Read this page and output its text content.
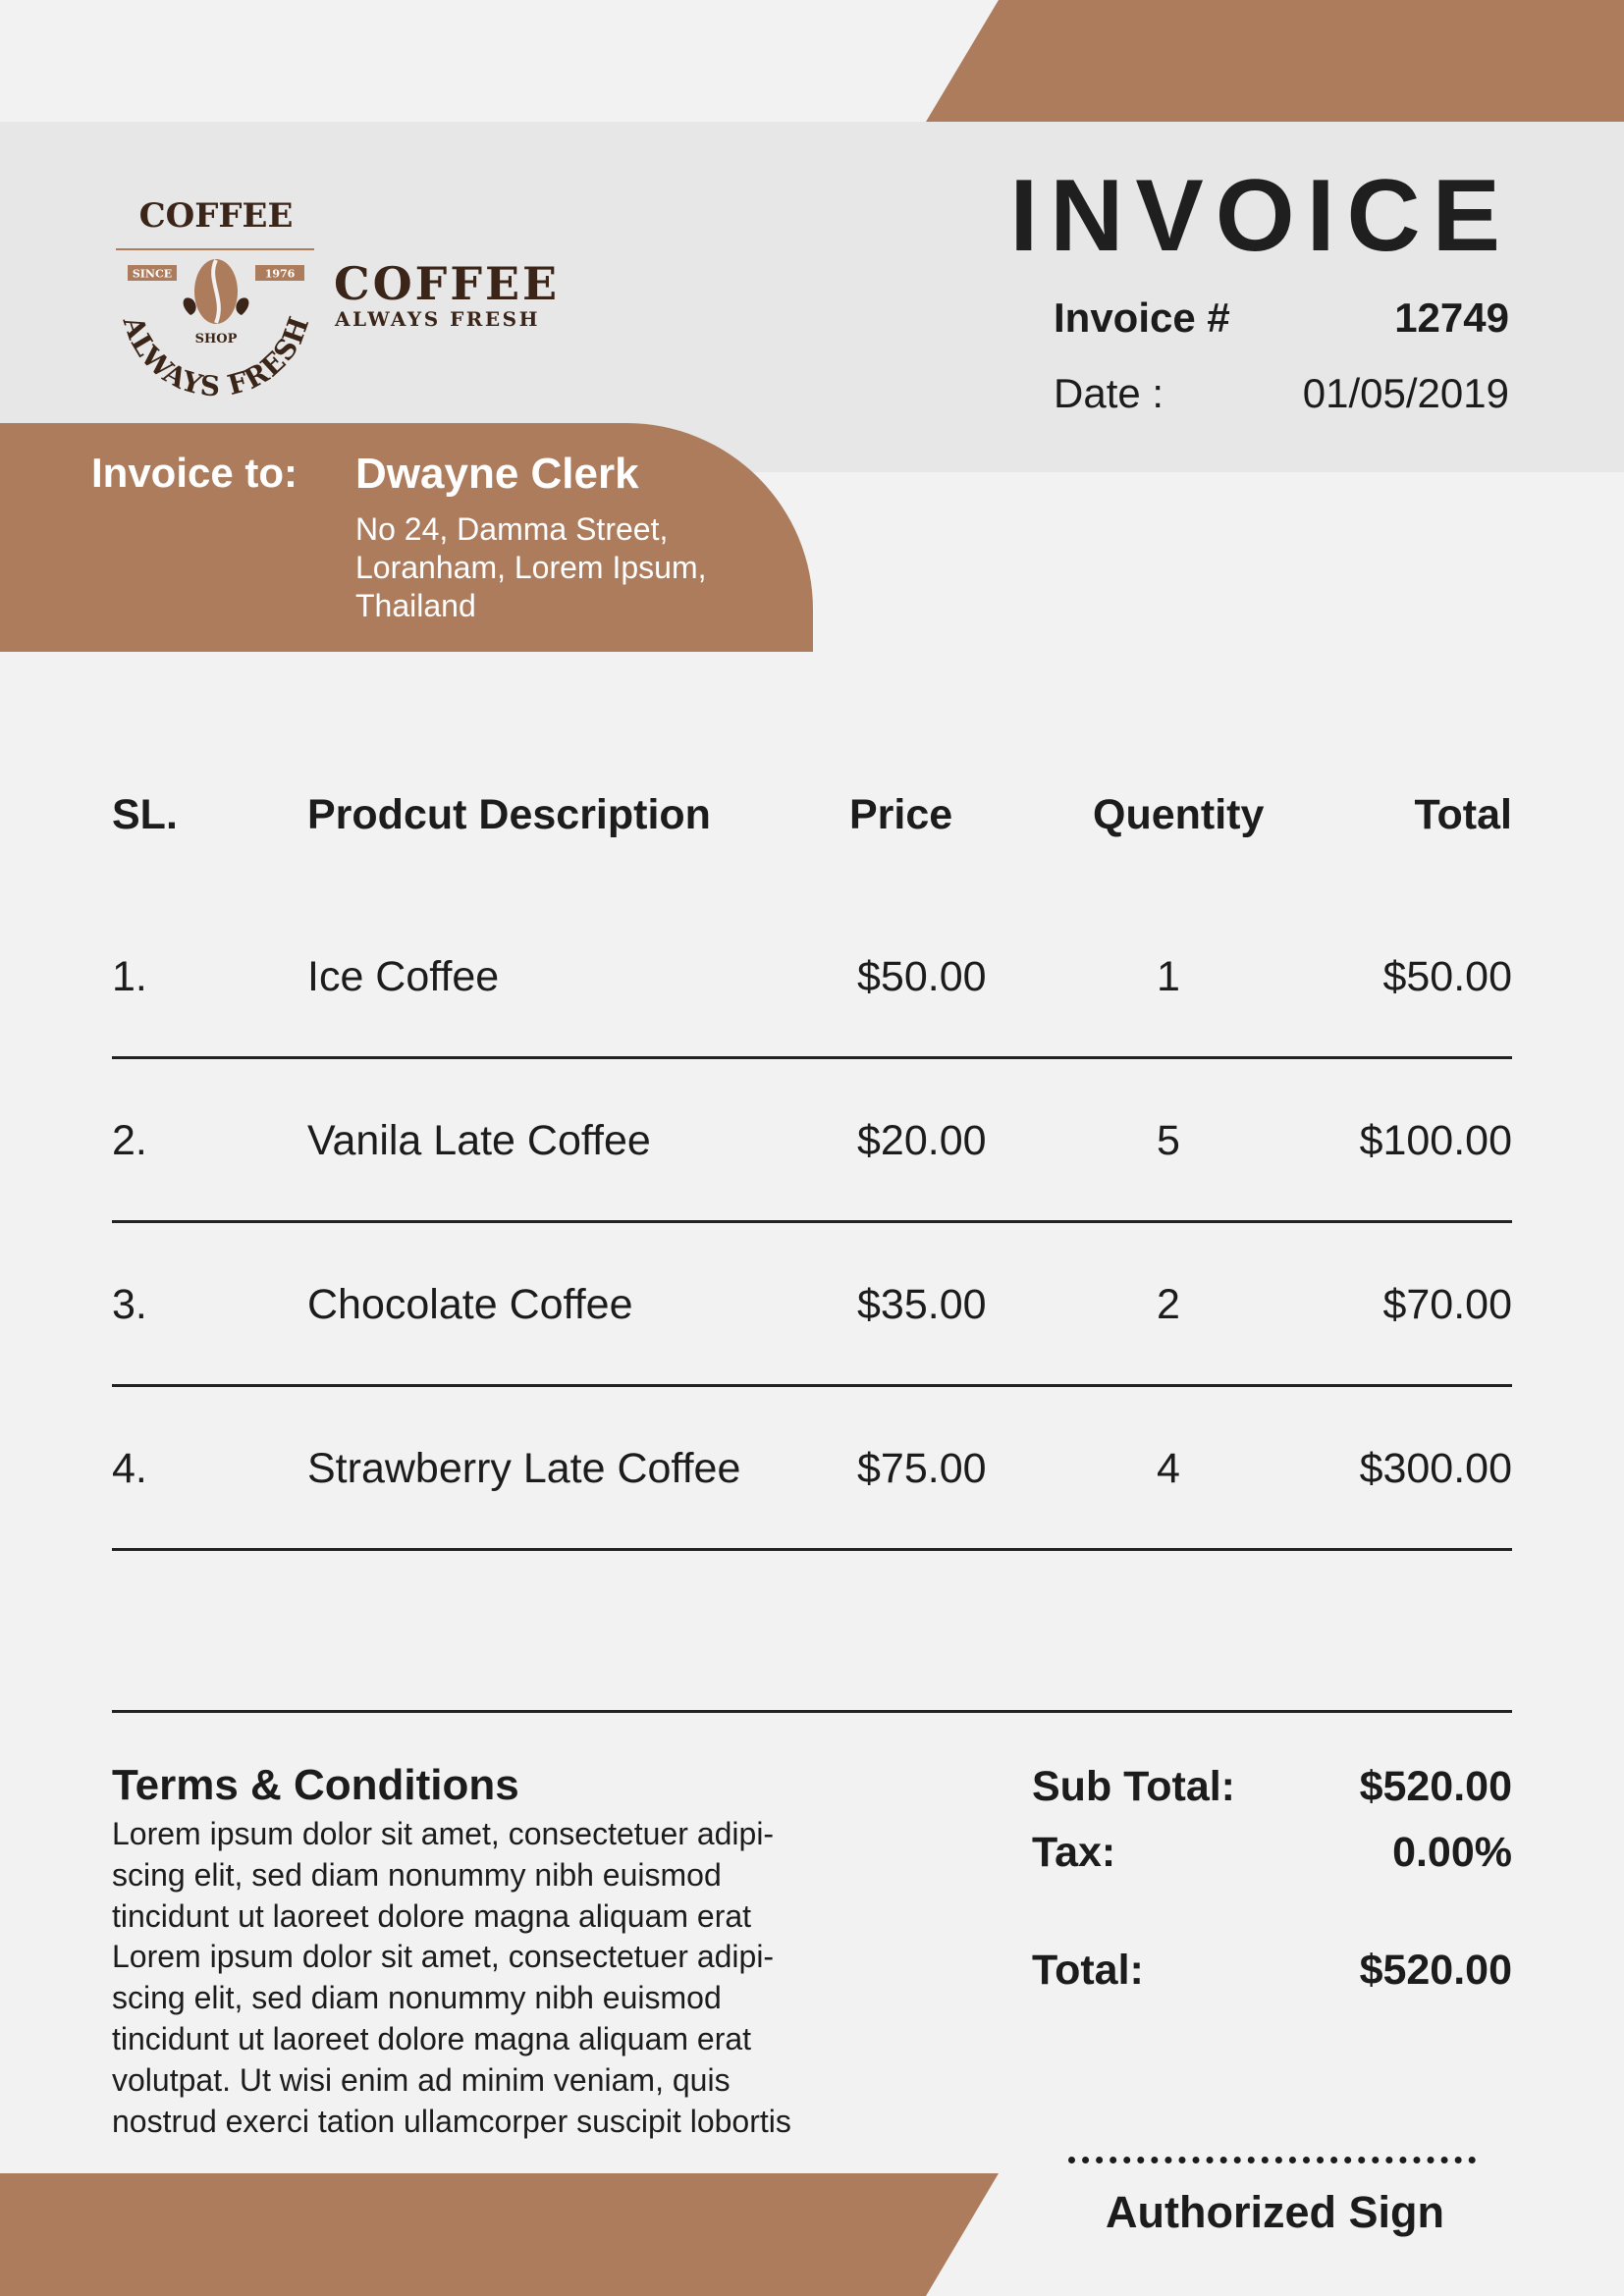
COFFEE
SINCE	1976
SHOP
ALWAYS FRESH
COFFEE
ALWAYS FRESH
INVOICE
Invoice #	12749
Date :	01/05/2019
Invoice to: Dwayne Clerk
No 24, Damma Street,
Loranham, Lorem Ipsum,
Thailand
SL.	Prodcut Description	Price	Quentity	Total
1.	Ice Coffee	$50.00	1	$50.00
2.	Vanila Late Coffee	$20.00	5	$100.00
3.	Chocolate Coffee	$35.00	2	$70.00
4.	Strawberry Late Coffee	$75.00	4	$300.00
Terms & Conditions
Lorem ipsum dolor sit amet, consectetuer adipi-
scing elit, sed diam nonummy nibh euismod
tincidunt ut laoreet dolore magna aliquam erat
Lorem ipsum dolor sit amet, consectetuer adipi-
scing elit, sed diam nonummy nibh euismod
tincidunt ut laoreet dolore magna aliquam erat
volutpat. Ut wisi enim ad minim veniam, quis
nostrud exerci tation ullamcorper suscipit lobortis
Sub Total:	$520.00
Tax:	0.00%
Total:	$520.00
Authorized Sign
